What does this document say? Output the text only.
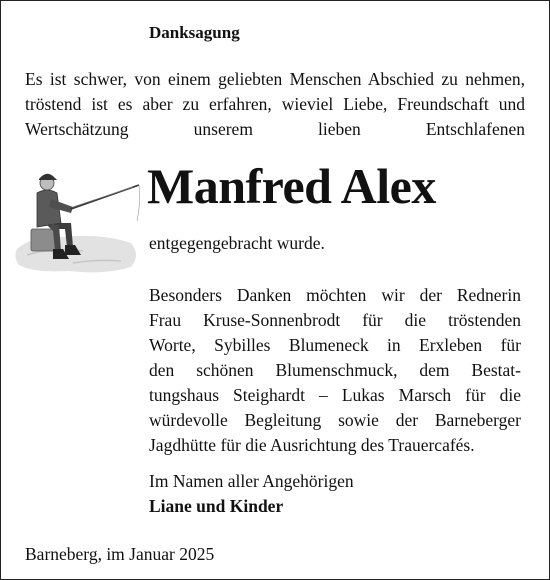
Danksagung

Es ist schwer, von einem geliebten Menschen Abschied zu nehmen, tröstend ist es aber zu erfahren, wieviel Liebe, Freundschaft und Wertschätzung unserem lieben Entschlafenen

Manfred Alex

entgegengebracht wurde.

Besonders Danken möchten wir der Rednerin
Frau Kruse-Sonnenbrodt für die tröstenden
Worte, Sybilles Blumeneck in Erxleben für
den schönen Blumenschmuck, dem Bestat-
tungshaus Steighardt – Lukas Marsch für die
würdevolle Begleitung sowie der Barneberger
Jagdhütte für die Ausrichtung des Trauercafés.

Im Namen aller Angehörigen

Liane und Kinder

Barneberg, im Januar 2025
